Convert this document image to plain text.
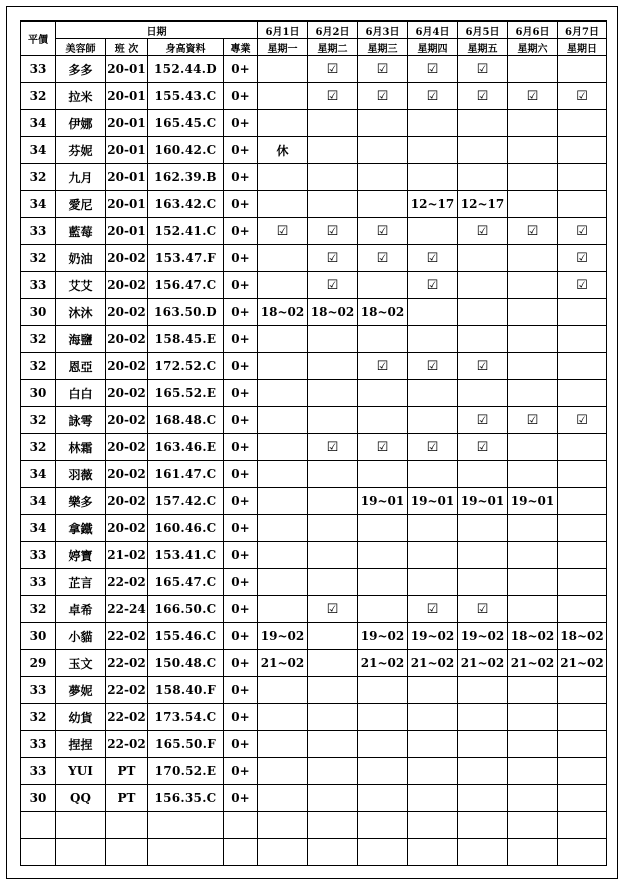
平價	日期				6月1日	6月2日	6月3日	6月4日	6月5日	6月6日	6月7日
	美容師	班 次	身高資料	專業	星期一	星期二	星期三	星期四	星期五	星期六	星期日
33	多多	20-01	152.44.D	0+		☑	☑	☑	☑		
32	拉米	20-01	155.43.C	0+		☑	☑	☑	☑	☑	☑
34	伊娜	20-01	165.45.C	0+							
34	芬妮	20-01	160.42.C	0+	休						
32	九月	20-01	162.39.B	0+							
34	愛尼	20-01	163.42.C	0+				12~17	12~17		
33	藍莓	20-01	152.41.C	0+	☑	☑	☑		☑	☑	☑
32	奶油	20-02	153.47.F	0+		☑	☑	☑			☑
33	艾艾	20-02	156.47.C	0+		☑		☑			☑
30	沐沐	20-02	163.50.D	0+	18~02	18~02	18~02				
32	海鹽	20-02	158.45.E	0+							
32	恩亞	20-02	172.52.C	0+			☑	☑	☑		
30	白白	20-02	165.52.E	0+							
32	詠雩	20-02	168.48.C	0+					☑	☑	☑
32	林霜	20-02	163.46.E	0+		☑	☑	☑	☑		
34	羽薇	20-02	161.47.C	0+							
34	樂多	20-02	157.42.C	0+			19~01	19~01	19~01	19~01	
34	拿鐵	20-02	160.46.C	0+							
33	婷寶	21-02	153.41.C	0+							
33	芷言	22-02	165.47.C	0+							
32	卓希	22-24	166.50.C	0+		☑		☑	☑		
30	小貓	22-02	155.46.C	0+	19~02		19~02	19~02	19~02	18~02	18~02
29	玉文	22-02	150.48.C	0+	21~02		21~02	21~02	21~02	21~02	21~02
33	夢妮	22-02	158.40.F	0+							
32	幼貨	22-02	173.54.C	0+							
33	捏捏	22-02	165.50.F	0+							
33	YUI	PT	170.52.E	0+							
30	QQ	PT	156.35.C	0+							
